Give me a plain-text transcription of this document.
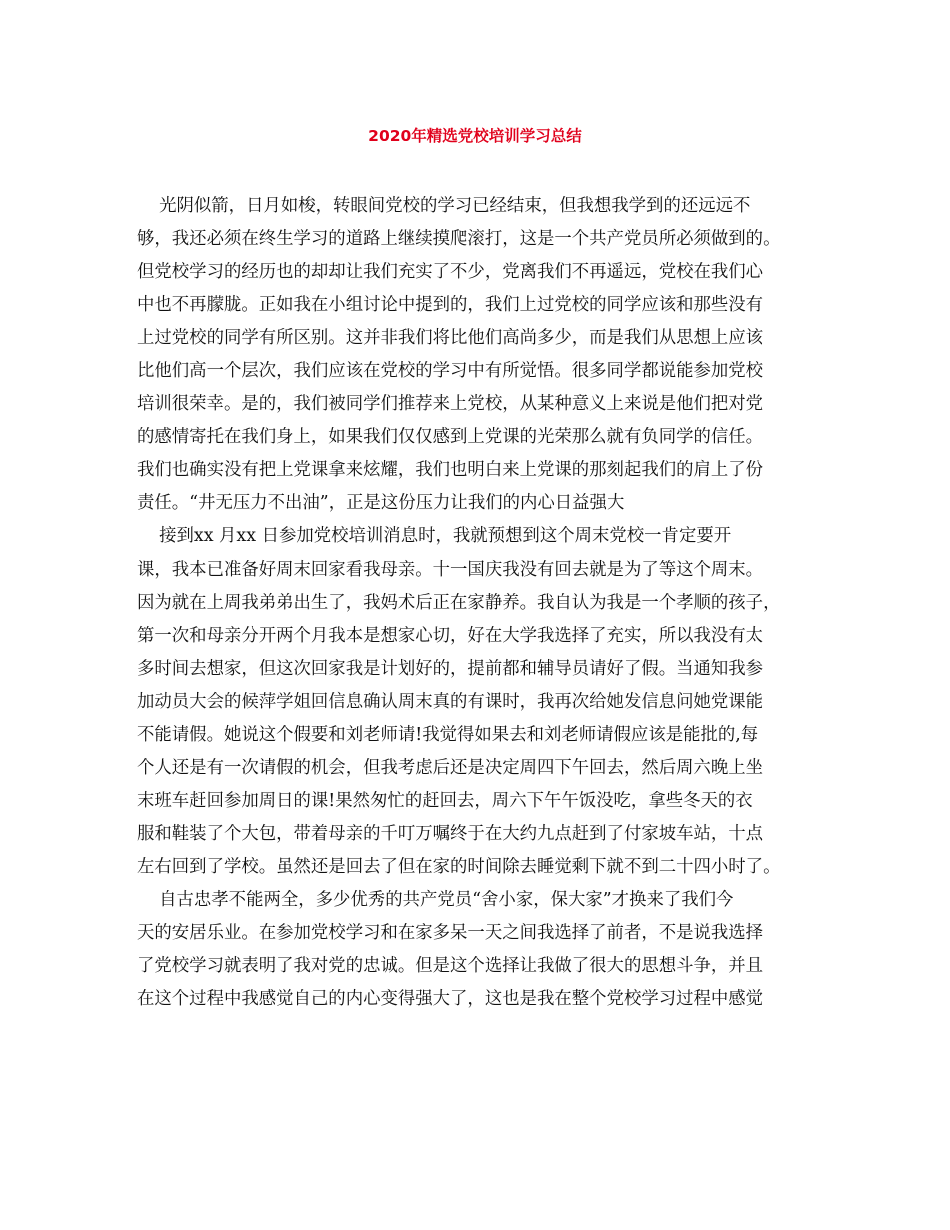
2020年精选党校培训学习总结
光阴似箭，日月如梭，转眼间党校的学习已经结束，但我想我学到的还远远不
够，我还必须在终生学习的道路上继续摸爬滚打，这是一个共产党员所必须做到的。
但党校学习的经历也的却却让我们充实了不少，党离我们不再遥远，党校在我们心
中也不再朦胧。正如我在小组讨论中提到的，我们上过党校的同学应该和那些没有
上过党校的同学有所区别。这并非我们将比他们高尚多少，而是我们从思想上应该
比他们高一个层次，我们应该在党校的学习中有所觉悟。很多同学都说能参加党校
培训很荣幸。是的，我们被同学们推荐来上党校，从某种意义上来说是他们把对党
的感情寄托在我们身上，如果我们仅仅感到上党课的光荣那么就有负同学的信任。
我们也确实没有把上党课拿来炫耀，我们也明白来上党课的那刻起我们的肩上了份
责任。“井无压力不出油”，正是这份压力让我们的内心日益强大
接到xx 月xx 日参加党校培训消息时，我就预想到这个周末党校一肯定要开
课，我本已准备好周末回家看我母亲。十一国庆我没有回去就是为了等这个周末。
因为就在上周我弟弟出生了，我妈术后正在家静养。我自认为我是一个孝顺的孩子，
第一次和母亲分开两个月我本是想家心切，好在大学我选择了充实，所以我没有太
多时间去想家，但这次回家我是计划好的，提前都和辅导员请好了假。当通知我参
加动员大会的候萍学姐回信息确认周末真的有课时，我再次给她发信息问她党课能
不能请假。她说这个假要和刘老师请!我觉得如果去和刘老师请假应该是能批的,每
个人还是有一次请假的机会，但我考虑后还是决定周四下午回去，然后周六晚上坐
末班车赶回参加周日的课!果然匆忙的赶回去，周六下午午饭没吃，拿些冬天的衣
服和鞋装了个大包，带着母亲的千叮万嘱终于在大约九点赶到了付家坡车站，十点
左右回到了学校。虽然还是回去了但在家的时间除去睡觉剩下就不到二十四小时了。
自古忠孝不能两全，多少优秀的共产党员“舍小家，保大家”才换来了我们今
天的安居乐业。在参加党校学习和在家多呆一天之间我选择了前者，不是说我选择
了党校学习就表明了我对党的忠诚。但是这个选择让我做了很大的思想斗争，并且
在这个过程中我感觉自己的内心变得强大了，这也是我在整个党校学习过程中感觉
